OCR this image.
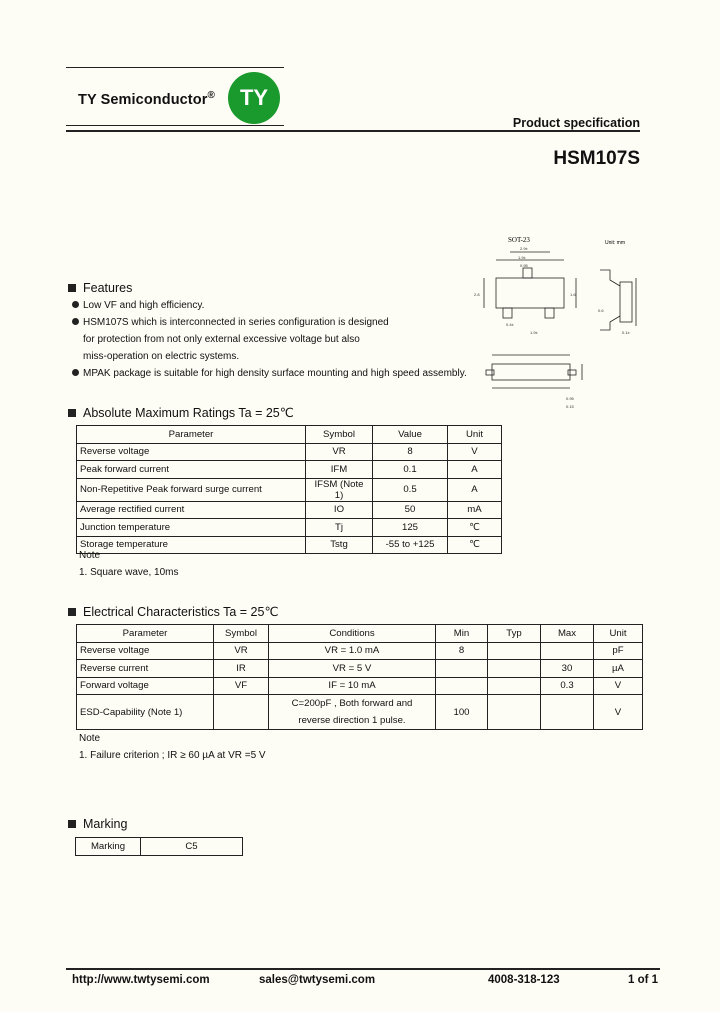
TY Semiconductor® TY
Product specification
HSM107S
SOT-23	Unit: mm
2.9±
1.9±
0.95
2.8	1.6
0.4±
1.9±	0.1±
0.6
0.95
0.15
Features
Low VF and high efficiency.
HSM107S which is interconnected in series configuration is designed
for protection from not only external excessive voltage but also
miss-operation on electric systems.
MPAK package is suitable for high density surface mounting and high speed assembly.
Absolute Maximum Ratings Ta = 25℃
Parameter	Symbol	Value	Unit
Reverse voltage	VR	8	V
Peak forward current	IFM	0.1	A
Non-Repetitive Peak forward surge current	IFSM (Note 1)	0.5	A
Average rectified current	IO	50	mA
Junction temperature	Tj	125	℃
Storage temperature	Tstg	-55 to +125	℃
Note
1. Square wave, 10ms
Electrical Characteristics Ta = 25℃
Parameter	Symbol	Conditions	Min	Typ	Max	Unit
Reverse voltage	VR	VR = 1.0 mA	8			pF
Reverse current	IR	VR = 5 V			30	µA
Forward voltage	VF	IF = 10 mA			0.3	V
ESD-Capability (Note 1)		C=200pF , Both forward and
reverse direction 1 pulse.	100			V
Note
1. Failure criterion ; IR ≥ 60 µA at VR =5 V
Marking
Marking	C5
http://www.twtysemi.com	sales@twtysemi.com	4008-318-123	1 of 1
